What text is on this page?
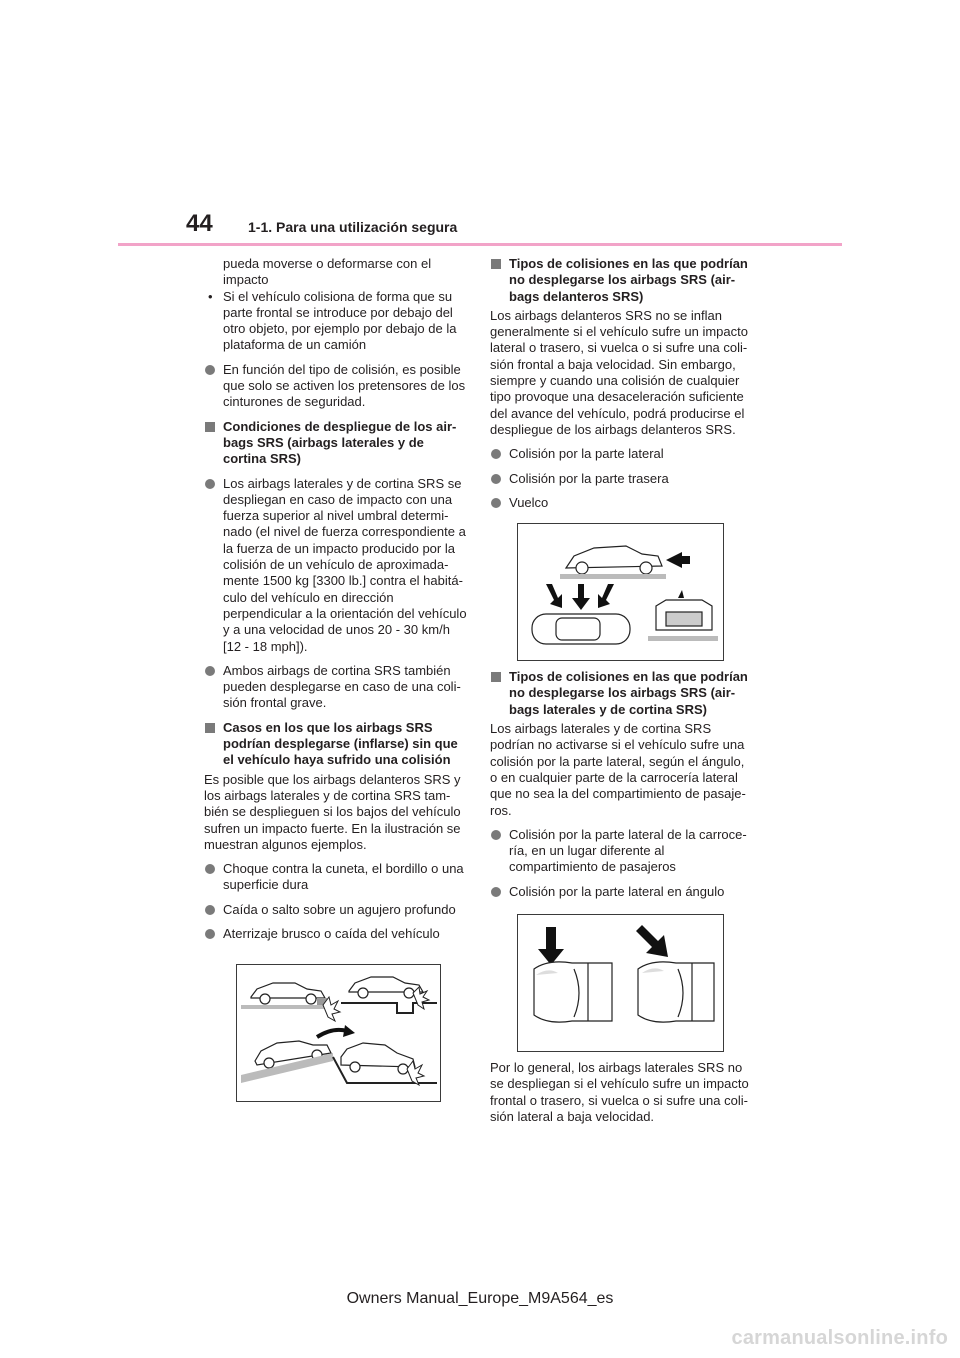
44	1-1. Para una utilización segura

pueda moverse o deformarse con el impacto

• Si el vehículo colisiona de forma que su parte frontal se introduce por debajo del otro objeto, por ejemplo por debajo de la plataforma de un camión
En función del tipo de colisión, es posible que solo se activen los pretensores de los cinturones de seguridad.
Condiciones de despliegue de los air-bags SRS (airbags laterales y de cortina SRS)
Los airbags laterales y de cortina SRS se despliegan en caso de impacto con una fuerza superior al nivel umbral determi-nado (el nivel de fuerza correspondiente a la fuerza de un impacto producido por la colisión de un vehículo de aproximada-mente 1500 kg [3300 lb.] contra el habitá-culo del vehículo en dirección perpendicular a la orientación del vehículo y a una velocidad de unos 20 - 30 km/h [12 - 18 mph]).
Ambos airbags de cortina SRS también pueden desplegarse en caso de una coli-sión frontal grave.
Casos en los que los airbags SRS podrían desplegarse (inflarse) sin que el vehículo haya sufrido una colisión

Es posible que los airbags delanteros SRS y los airbags laterales y de cortina SRS tam-bién se desplieguen si los bajos del vehículo sufren un impacto fuerte. En la ilustración se muestran algunos ejemplos.

Choque contra la cuneta, el bordillo o una superficie dura
Caída o salto sobre un agujero profundo
Aterrizaje brusco o caída del vehículo
Tipos de colisiones en las que podrían no desplegarse los airbags SRS (air-bags delanteros SRS)

Los airbags delanteros SRS no se inflan generalmente si el vehículo sufre un impacto lateral o trasero, si vuelca o si sufre una coli-sión frontal a baja velocidad. Sin embargo, siempre y cuando una colisión de cualquier tipo provoque una desaceleración suficiente del avance del vehículo, podrá producirse el despliegue de los airbags delanteros SRS.

Colisión por la parte lateral
Colisión por la parte trasera
Vuelco
Tipos de colisiones en las que podrían no desplegarse los airbags SRS (air-bags laterales y de cortina SRS)

Los airbags laterales y de cortina SRS podrían no activarse si el vehículo sufre una colisión por la parte lateral, según el ángulo, o en cualquier parte de la carrocería lateral que no sea la del compartimiento de pasaje-ros.

Colisión por la parte lateral de la carroce-ría, en un lugar diferente al compartimiento de pasajeros
Colisión por la parte lateral en ángulo

Por lo general, los airbags laterales SRS no se despliegan si el vehículo sufre un impacto frontal o trasero, si vuelca o si sufre una coli-sión lateral a baja velocidad.

Owners Manual_Europe_M9A564_es
carmanualsonline.info
